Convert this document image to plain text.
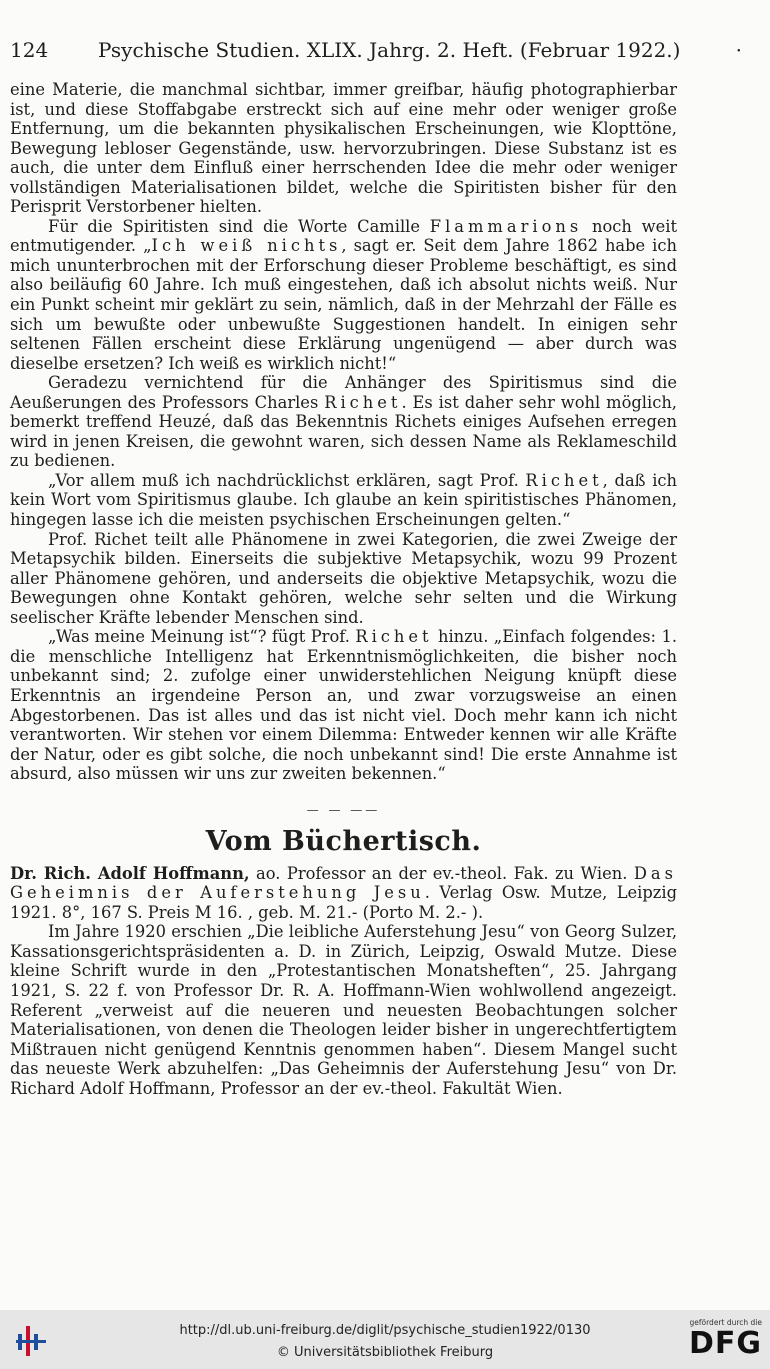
124 Psychische Studien. XLIX. Jahrg. 2. Heft. (Februar 1922.)	·

eine Materie, die manchmal sichtbar, immer greifbar, häufig photographierbar ist, und diese Stoffabgabe erstreckt sich auf eine mehr oder weniger große Entfernung, um die bekannten physikalischen Erscheinungen, wie Klopttöne, Bewegung lebloser Gegenstände, usw. hervorzubringen. Diese Substanz ist es auch, die unter dem Einfluß einer herrschenden Idee die mehr oder weniger vollständigen Materialisationen bildet, welche die Spiritisten bisher für den Perisprit Verstorbener hielten.

Für die Spiritisten sind die Worte Camille Flammarions noch weit entmutigender. „Ich weiß nichts, sagt er. Seit dem Jahre 1862 habe ich mich ununterbrochen mit der Erforschung dieser Probleme beschäftigt, es sind also beiläufig 60 Jahre. Ich muß eingestehen, daß ich absolut nichts weiß. Nur ein Punkt scheint mir geklärt zu sein, nämlich, daß in der Mehrzahl der Fälle es sich um bewußte oder unbewußte Suggestionen handelt. In einigen sehr seltenen Fällen erscheint diese Erklärung ungenügend — aber durch was dieselbe ersetzen? Ich weiß es wirklich nicht!“

Geradezu vernichtend für die Anhänger des Spiritismus sind die Aeußerungen des Professors Charles Richet. Es ist daher sehr wohl möglich, bemerkt treffend Heuzé, daß das Bekenntnis Richets einiges Aufsehen erregen wird in jenen Kreisen, die gewohnt waren, sich dessen Name als Reklameschild zu bedienen.

„Vor allem muß ich nachdrücklichst erklären, sagt Prof. Richet, daß ich kein Wort vom Spiritismus glaube. Ich glaube an kein spiritistisches Phänomen, hingegen lasse ich die meisten psychischen Erscheinungen gelten.“

Prof. Richet teilt alle Phänomene in zwei Kategorien, die zwei Zweige der Metapsychik bilden. Einerseits die subjektive Metapsychik, wozu 99 Prozent aller Phänomene gehören, und anderseits die objektive Metapsychik, wozu die Bewegungen ohne Kontakt gehören, welche sehr selten und die Wirkung seelischer Kräfte lebender Menschen sind.

„Was meine Meinung ist“? fügt Prof. Richet hinzu. „Einfach folgendes: 1. die menschliche Intelligenz hat Erkenntnismöglichkeiten, die bisher noch unbekannt sind; 2. zufolge einer unwiderstehlichen Neigung knüpft diese Erkenntnis an irgendeine Person an, und zwar vorzugsweise an einen Abgestorbenen. Das ist alles und das ist nicht viel. Doch mehr kann ich nicht verantworten. Wir stehen vor einem Dilemma: Entweder kennen wir alle Kräfte der Natur, oder es gibt solche, die noch unbekannt sind! Die erste Annahme ist absurd, also müssen wir uns zur zweiten bekennen.“

— — ——
Vom Büchertisch.

Dr. Rich. Adolf Hoffmann, ao. Professor an der ev.-theol. Fak. zu Wien. Das Geheimnis der Auferstehung Jesu. Verlag Osw. Mutze, Leipzig 1921. 8°, 167 S. Preis M 16. , geb. M. 21.- (Porto M. 2.- ).

Im Jahre 1920 erschien „Die leibliche Auferstehung Jesu“ von Georg Sulzer, Kassationsgerichtspräsidenten a. D. in Zürich, Leipzig, Oswald Mutze. Diese kleine Schrift wurde in den „Protestantischen Monatsheften“, 25. Jahrgang 1921, S. 22 f. von Professor Dr. R. A. Hoffmann-Wien wohlwollend angezeigt. Referent „verweist auf die neueren und neuesten Beobachtungen solcher Materialisationen, von denen die Theologen leider bisher in ungerechtfertigtem Mißtrauen nicht genügend Kenntnis genommen haben“. Diesem Mangel sucht das neueste Werk abzuhelfen: „Das Geheimnis der Auferstehung Jesu“ von Dr. Richard Adolf Hoffmann, Professor an der ev.-theol. Fakultät Wien.

http://dl.ub.uni-freiburg.de/diglit/psychische_studien1922/0130
© Universitätsbibliothek Freiburg
gefördert durch die
DFG
